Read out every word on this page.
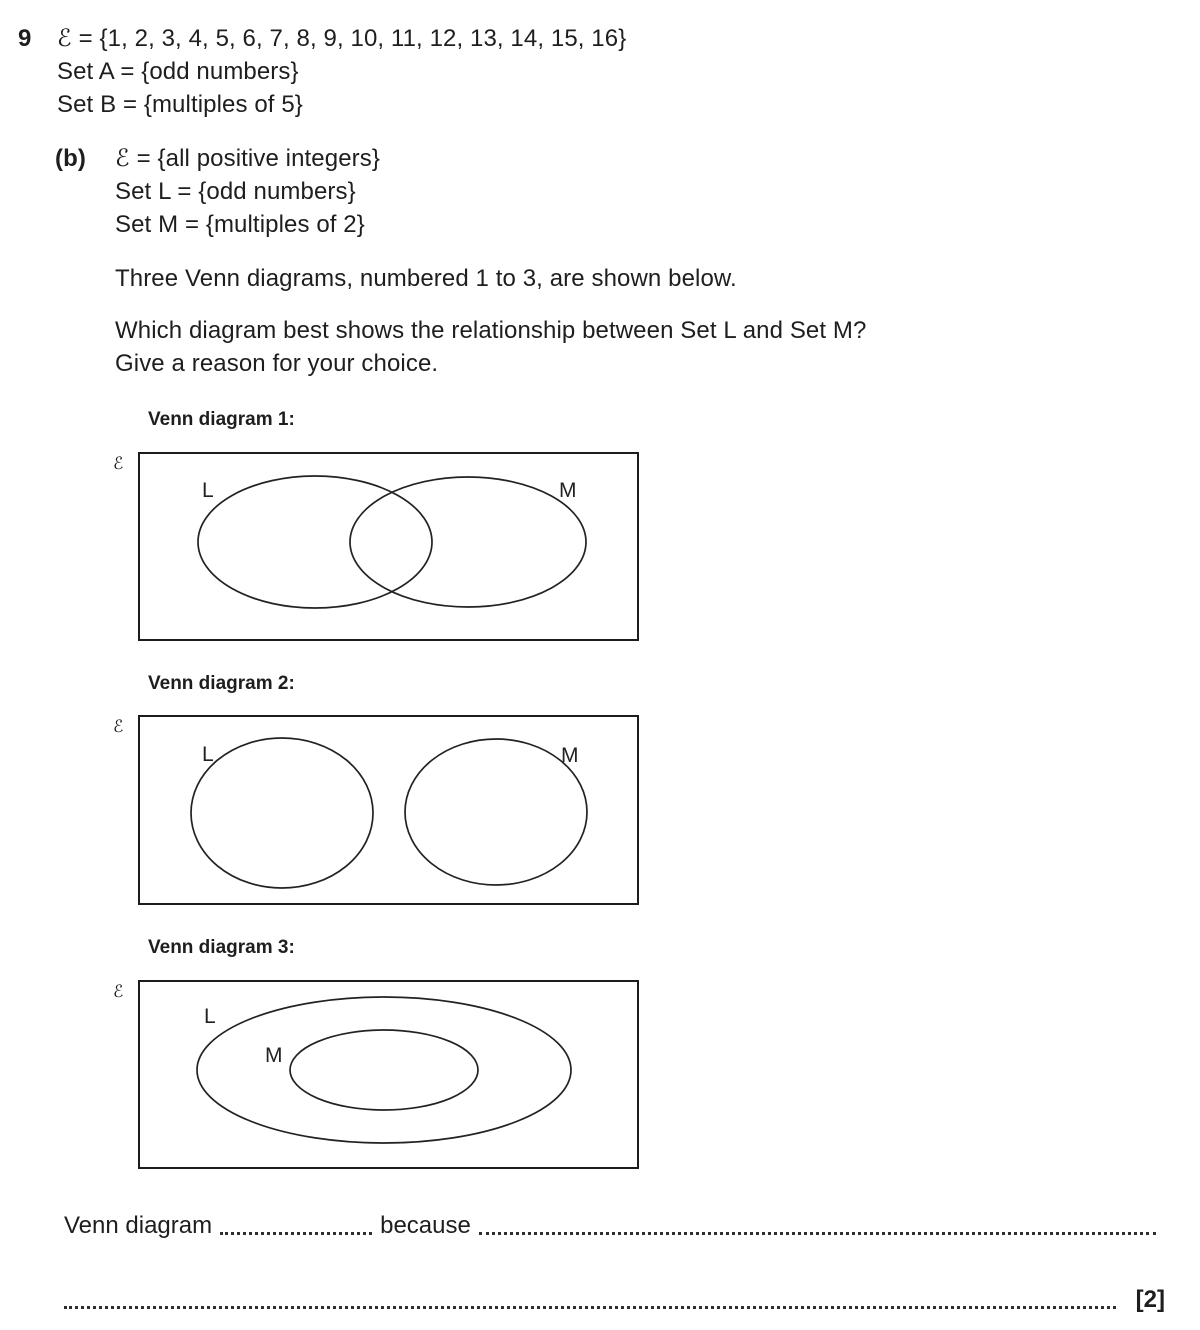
9 ℰ = {1, 2, 3, 4, 5, 6, 7, 8, 9, 10, 11, 12, 13, 14, 15, 16}
Set A = {odd numbers}
Set B = {multiples of 5}
(b) ℰ = {all positive integers}
Set L = {odd numbers}
Set M = {multiples of 2}
Three Venn diagrams, numbered 1 to 3, are shown below.
Which diagram best shows the relationship between Set L and Set M?
Give a reason for your choice.
Venn diagram 1:
ℰ
L	M
Venn diagram 2:
ℰ
L	M
Venn diagram 3:
ℰ
L
M
Venn diagram	because
[2]
